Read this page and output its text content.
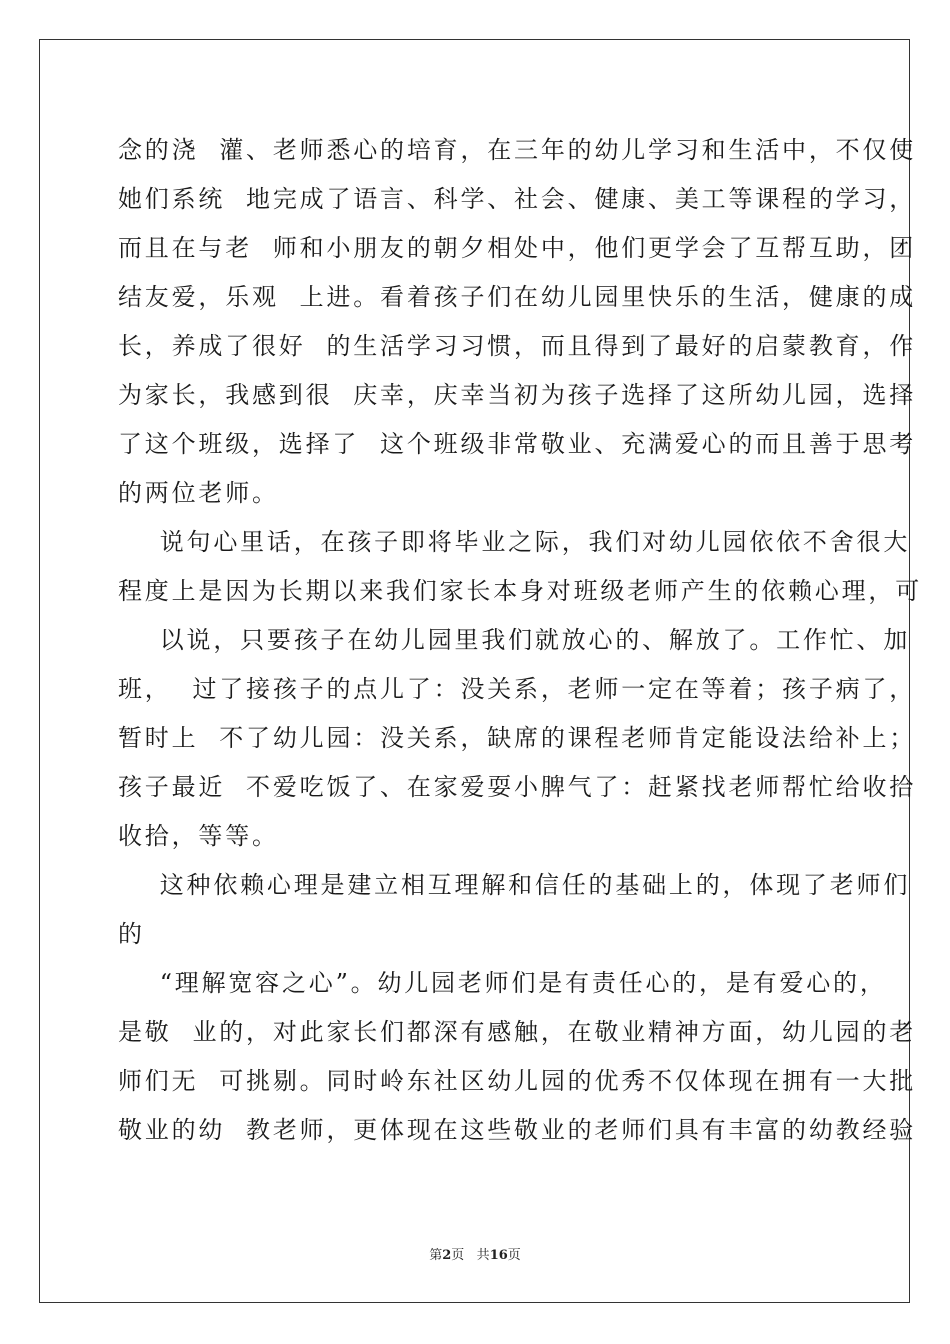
念的浇  灌、老师悉心的培育，在三年的幼儿学习和生活中，不仅使
她们系统  地完成了语言、科学、社会、健康、美工等课程的学习，
而且在与老  师和小朋友的朝夕相处中，他们更学会了互帮互助，团
结友爱，乐观  上进。看着孩子们在幼儿园里快乐的生活，健康的成
长，养成了很好  的生活学习习惯，而且得到了最好的启蒙教育，作
为家长，我感到很  庆幸，庆幸当初为孩子选择了这所幼儿园，选择
了这个班级，选择了  这个班级非常敬业、充满爱心的而且善于思考
的两位老师。
说句心里话，在孩子即将毕业之际，我们对幼儿园依依不舍很大
程度上是因为长期以来我们家长本身对班级老师产生的依赖心理，可
以说，只要孩子在幼儿园里我们就放心的、解放了。工作忙、加
班，  过了接孩子的点儿了：没关系，老师一定在等着；孩子病了，
暂时上  不了幼儿园：没关系，缺席的课程老师肯定能设法给补上；
孩子最近  不爱吃饭了、在家爱耍小脾气了：赶紧找老师帮忙给收拾
收拾，等等。
这种依赖心理是建立相互理解和信任的基础上的，体现了老师们
的
“理解宽容之心”。幼儿园老师们是有责任心的，是有爱心的，
是敬  业的，对此家长们都深有感触，在敬业精神方面，幼儿园的老
师们无  可挑剔。同时岭东社区幼儿园的优秀不仅体现在拥有一大批
敬业的幼  教老师，更体现在这些敬业的老师们具有丰富的幼教经验
第2页 共16页
